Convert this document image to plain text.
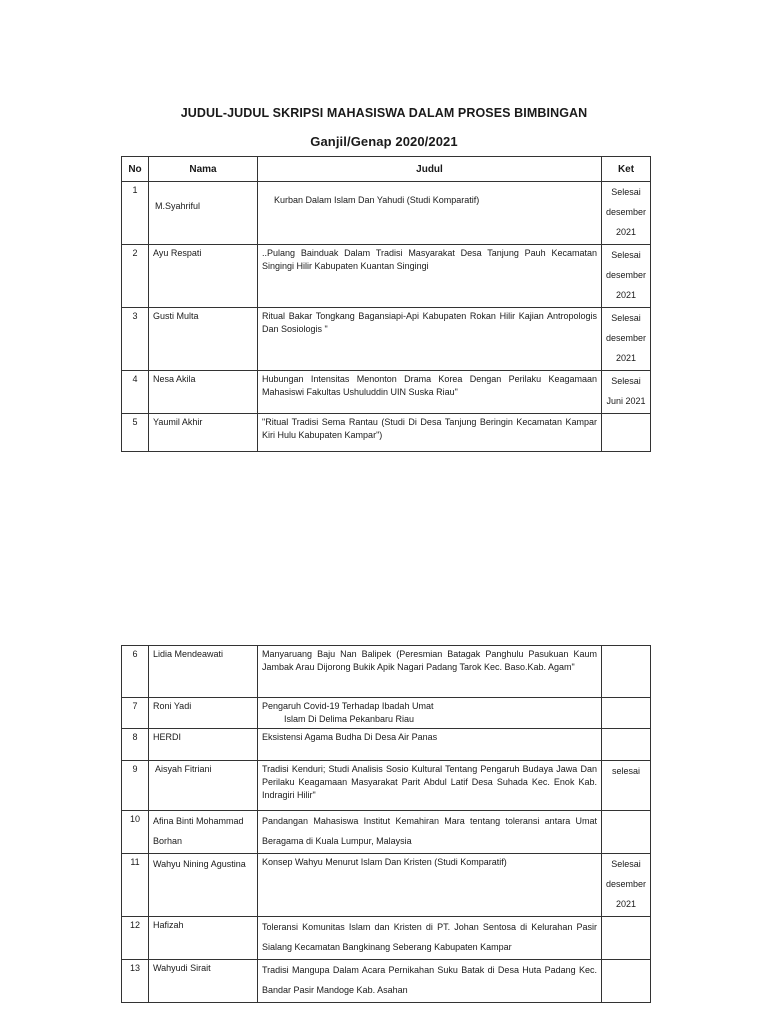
JUDUL-JUDUL SKRIPSI MAHASISWA DALAM PROSES BIMBINGAN
Ganjil/Genap 2020/2021
No	Nama	Judul	Ket
1	M.Syahriful	Kurban Dalam Islam Dan Yahudi (Studi Komparatif)	Selesai desember 2021
2	Ayu Respati	..Pulang Bainduak Dalam Tradisi Masyarakat Desa Tanjung Pauh Kecamatan Singingi Hilir Kabupaten Kuantan Singingi	Selesai desember 2021
3	Gusti Multa	Ritual Bakar Tongkang Bagansiapi-Api Kabupaten Rokan Hilir Kajian Antropologis Dan Sosiologis "	Selesai desember 2021
4	Nesa Akila	Hubungan Intensitas Menonton Drama Korea Dengan Perilaku Keagamaan Mahasiswi Fakultas Ushuluddin UIN Suska Riau"	Selesai Juni 2021
5	Yaumil Akhir	"Ritual Tradisi Sema Rantau (Studi Di Desa Tanjung Beringin Kecamatan Kampar Kiri Hulu Kabupaten Kampar")	
6	Lidia Mendeawati	Manyaruang Baju Nan Balipek (Peresmian Batagak Panghulu Pasukuan Kaum Jambak Arau Dijorong Bukik Apik Nagari Padang Tarok Kec. Baso.Kab. Agam"	
7	Roni Yadi	Pengaruh Covid-19 Terhadap Ibadah Umat
Islam Di Delima Pekanbaru Riau	

8	HERDI	Eksistensi Agama Budha Di Desa Air Panas	
9	Aisyah Fitriani	Tradisi Kenduri; Studi Analisis Sosio Kultural Tentang Pengaruh Budaya Jawa Dan Perilaku Keagamaan Masyarakat Parit Abdul Latif Desa Suhada Kec. Enok Kab. Indragiri Hilir"	selesai
10	Afina Binti Mohammad Borhan	Pandangan Mahasiswa Institut Kemahiran Mara tentang toleransi antara Umat Beragama di Kuala Lumpur, Malaysia	
11	Wahyu Nining Agustina	Konsep Wahyu Menurut Islam Dan Kristen (Studi Komparatif)	Selesai desember 2021
12	Hafizah	Toleransi Komunitas Islam dan Kristen di PT. Johan Sentosa di Kelurahan Pasir Sialang Kecamatan Bangkinang Seberang Kabupaten Kampar	
13	Wahyudi Sirait	Tradisi Mangupa Dalam Acara Pernikahan Suku Batak di Desa Huta Padang Kec. Bandar Pasir Mandoge Kab. Asahan	
